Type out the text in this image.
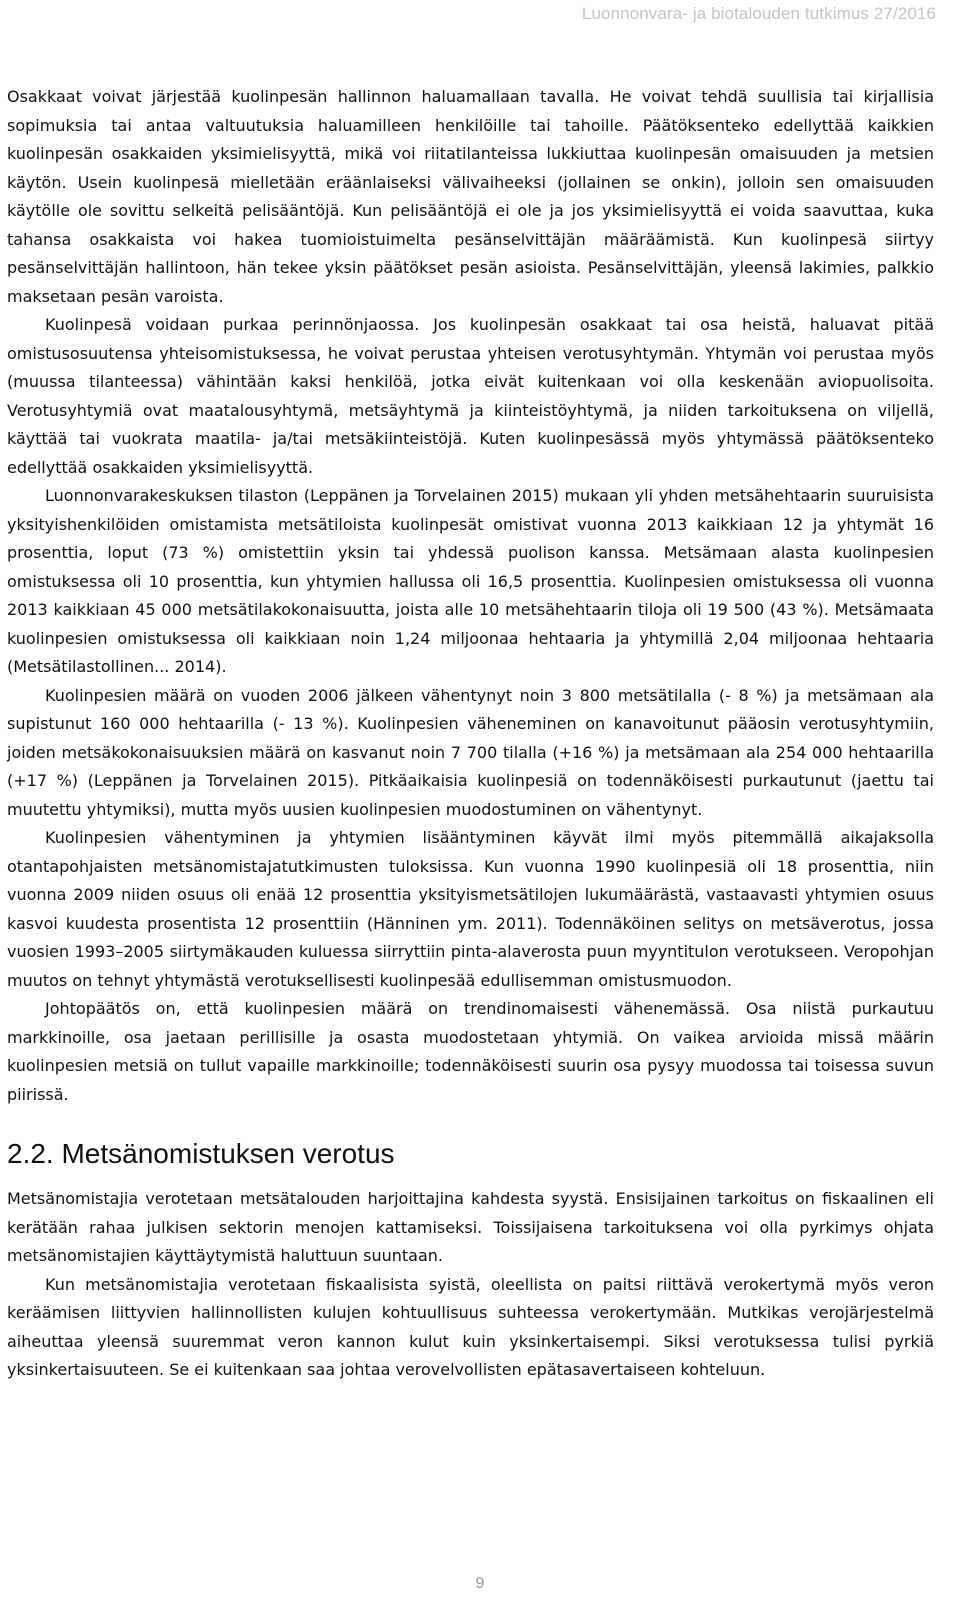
Luonnonvara- ja biotalouden tutkimus 27/2016

Osakkaat voivat järjestää kuolinpesän hallinnon haluamallaan tavalla. He voivat tehdä suullisia tai kirjallisia sopimuksia tai antaa valtuutuksia haluamilleen henkilöille tai tahoille. Päätöksenteko edellyttää kaikkien kuolinpesän osakkaiden yksimielisyyttä, mikä voi riitatilanteissa lukkiuttaa kuolinpesän omaisuuden ja metsien käytön. Usein kuolinpesä mielletään eräänlaiseksi välivaiheeksi (jollainen se onkin), jolloin sen omaisuuden käytölle ole sovittu selkeitä pelisääntöjä. Kun pelisääntöjä ei ole ja jos yksimielisyyttä ei voida saavuttaa, kuka tahansa osakkaista voi hakea tuomioistuimelta pesänselvittäjän määräämistä. Kun kuolinpesä siirtyy pesänselvittäjän hallintoon, hän tekee yksin päätökset pesän asioista. Pesänselvittäjän, yleensä lakimies, palkkio maksetaan pesän varoista.

Kuolinpesä voidaan purkaa perinnönjaossa. Jos kuolinpesän osakkaat tai osa heistä, haluavat pitää omistusosuutensa yhteisomistuksessa, he voivat perustaa yhteisen verotusyhtymän. Yhtymän voi perustaa myös (muussa tilanteessa) vähintään kaksi henkilöä, jotka eivät kuitenkaan voi olla keskenään aviopuolisoita. Verotusyhtymiä ovat maatalousyhtymä, metsäyhtymä ja kiinteistöyhtymä, ja niiden tarkoituksena on viljellä, käyttää tai vuokrata maatila- ja/tai metsäkiinteistöjä. Kuten kuolinpesässä myös yhtymässä päätöksenteko edellyttää osakkaiden yksimielisyyttä.

Luonnonvarakeskuksen tilaston (Leppänen ja Torvelainen 2015) mukaan yli yhden metsähehtaarin suuruisista yksityishenkilöiden omistamista metsätiloista kuolinpesät omistivat vuonna 2013 kaikkiaan 12 ja yhtymät 16 prosenttia, loput (73 %) omistettiin yksin tai yhdessä puolison kanssa. Metsämaan alasta kuolinpesien omistuksessa oli 10 prosenttia, kun yhtymien hallussa oli 16,5 prosenttia. Kuolinpesien omistuksessa oli vuonna 2013 kaikkiaan 45 000 metsätilakokonaisuutta, joista alle 10 metsähehtaarin tiloja oli 19 500 (43 %). Metsämaata kuolinpesien omistuksessa oli kaikkiaan noin 1,24 miljoonaa hehtaaria ja yhtymillä 2,04 miljoonaa hehtaaria (Metsätilastollinen... 2014).

Kuolinpesien määrä on vuoden 2006 jälkeen vähentynyt noin 3 800 metsätilalla (- 8 %) ja metsämaan ala supistunut 160 000 hehtaarilla (- 13 %). Kuolinpesien väheneminen on kanavoitunut pääosin verotusyhtymiin, joiden metsäkokonaisuuksien määrä on kasvanut noin 7 700 tilalla (+16 %) ja metsämaan ala 254 000 hehtaarilla (+17 %) (Leppänen ja Torvelainen 2015). Pitkäaikaisia kuolinpesiä on todennäköisesti purkautunut (jaettu tai muutettu yhtymiksi), mutta myös uusien kuolinpesien muodostuminen on vähentynyt.

Kuolinpesien vähentyminen ja yhtymien lisääntyminen käyvät ilmi myös pitemmällä aikajaksolla otantapohjaisten metsänomistajatutkimusten tuloksissa. Kun vuonna 1990 kuolinpesiä oli 18 prosenttia, niin vuonna 2009 niiden osuus oli enää 12 prosenttia yksityismetsätilojen lukumäärästä, vastaavasti yhtymien osuus kasvoi kuudesta prosentista 12 prosenttiin (Hänninen ym. 2011). Todennäköinen selitys on metsäverotus, jossa vuosien 1993–2005 siirtymäkauden kuluessa siirryttiin pinta-alaverosta puun myyntitulon verotukseen. Veropohjan muutos on tehnyt yhtymästä verotuksellisesti kuolinpesää edullisemman omistusmuodon.

Johtopäätös on, että kuolinpesien määrä on trendinomaisesti vähenemässä. Osa niistä purkautuu markkinoille, osa jaetaan perillisille ja osasta muodostetaan yhtymiä. On vaikea arvioida missä määrin kuolinpesien metsiä on tullut vapaille markkinoille; todennäköisesti suurin osa pysyy muodossa tai toisessa suvun piirissä.

2.2. Metsänomistuksen verotus

Metsänomistajia verotetaan metsätalouden harjoittajina kahdesta syystä. Ensisijainen tarkoitus on fiskaalinen eli kerätään rahaa julkisen sektorin menojen kattamiseksi. Toissijaisena tarkoituksena voi olla pyrkimys ohjata metsänomistajien käyttäytymistä haluttuun suuntaan.

Kun metsänomistajia verotetaan fiskaalisista syistä, oleellista on paitsi riittävä verokertymä myös veron keräämisen liittyvien hallinnollisten kulujen kohtuullisuus suhteessa verokertymään. Mutkikas verojärjestelmä aiheuttaa yleensä suuremmat veron kannon kulut kuin yksinkertaisempi. Siksi verotuksessa tulisi pyrkiä yksinkertaisuuteen. Se ei kuitenkaan saa johtaa verovelvollisten epätasavertaiseen kohteluun.

9
